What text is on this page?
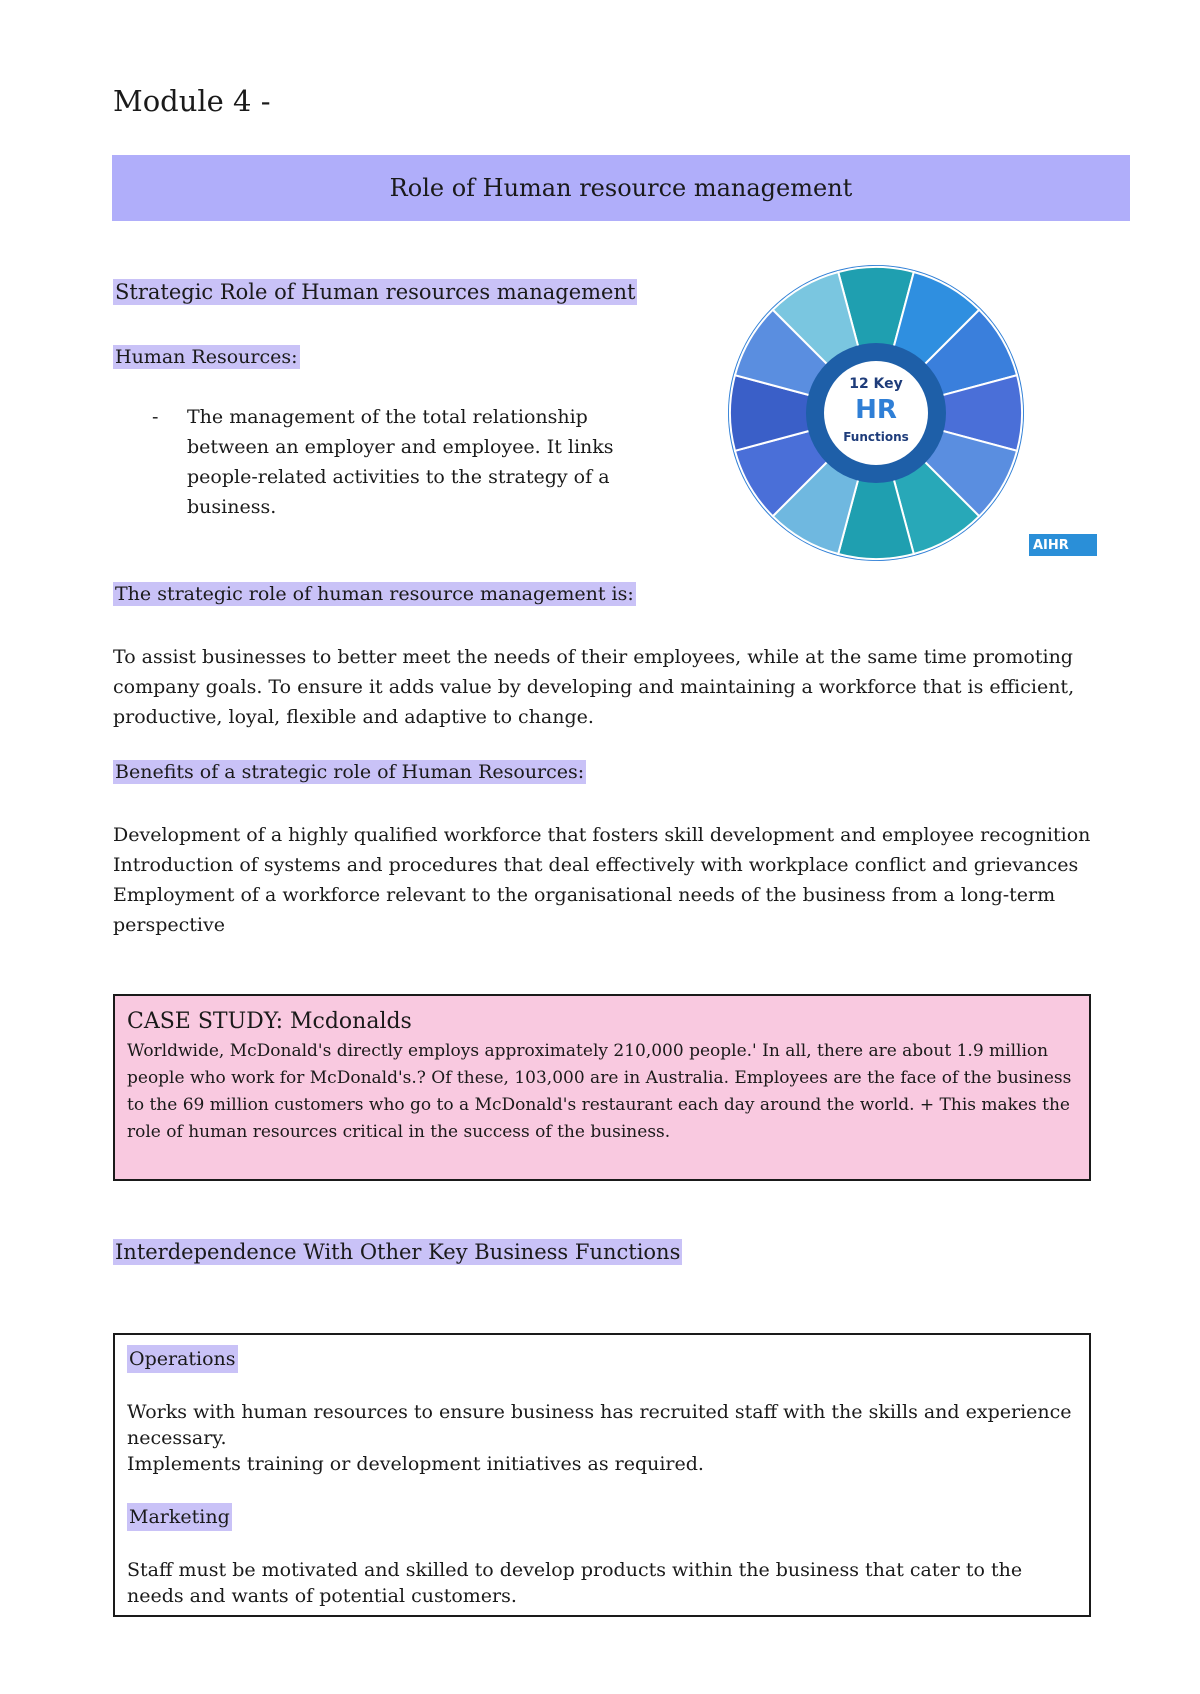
Module 4 -
Role of Human resource management
Strategic Role of Human resources management
Human Resources:
-	The management of the total relationship between an employer and employee. It links people-related activities to the strategy of a business.
12 Key
HR
Functions
AIHR
The strategic role of human resource management is:
To assist businesses to better meet the needs of their employees, while at the same time promoting company goals. To ensure it adds value by developing and maintaining a workforce that is efficient, productive, loyal, flexible and adaptive to change.
Benefits of a strategic role of Human Resources:
Development of a highly qualified workforce that fosters skill development and employee recognition
Introduction of systems and procedures that deal effectively with workplace conflict and grievances
Employment of a workforce relevant to the organisational needs of the business from a long-term perspective
CASE STUDY: Mcdonalds
Worldwide, McDonald's directly employs approximately 210,000 people.' In all, there are about 1.9 million people who work for McDonald's.? Of these, 103,000 are in Australia. Employees are the face of the business to the 69 million customers who go to a McDonald's restaurant each day around the world. + This makes the role of human resources critical in the success of the business.
Interdependence With Other Key Business Functions
Operations
Works with human resources to ensure business has recruited staff with the skills and experience necessary.
Implements training or development initiatives as required.
Marketing
Staff must be motivated and skilled to develop products within the business that cater to the needs and wants of potential customers.
